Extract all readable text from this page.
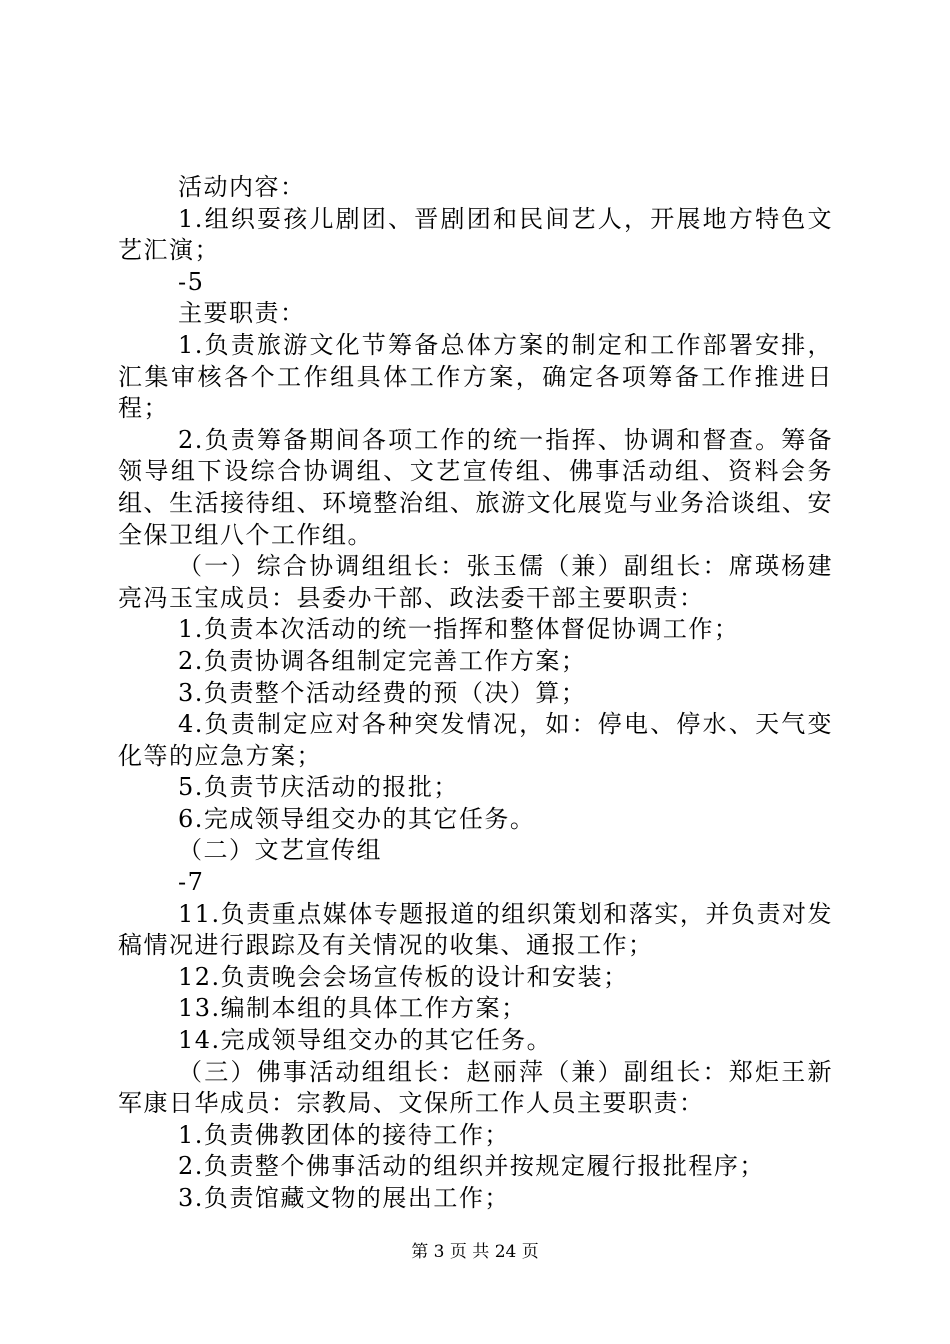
活动内容：

1.组织耍孩儿剧团、晋剧团和民间艺人，开展地方特色文艺汇演；

-5

主要职责：

1.负责旅游文化节筹备总体方案的制定和工作部署安排，汇集审核各个工作组具体工作方案，确定各项筹备工作推进日程；

2.负责筹备期间各项工作的统一指挥、协调和督查。筹备领导组下设综合协调组、文艺宣传组、佛事活动组、资料会务组、生活接待组、环境整治组、旅游文化展览与业务洽谈组、安全保卫组八个工作组。

（一）综合协调组组长：张玉儒（兼）副组长：席瑛杨建亮冯玉宝成员：县委办干部、政法委干部主要职责：

1.负责本次活动的统一指挥和整体督促协调工作；

2.负责协调各组制定完善工作方案；

3.负责整个活动经费的预（决）算；

4.负责制定应对各种突发情况，如：停电、停水、天气变化等的应急方案；

5.负责节庆活动的报批；

6.完成领导组交办的其它任务。

（二）文艺宣传组

-7

11.负责重点媒体专题报道的组织策划和落实，并负责对发稿情况进行跟踪及有关情况的收集、通报工作；

12.负责晚会会场宣传板的设计和安装；

13.编制本组的具体工作方案；

14.完成领导组交办的其它任务。

（三）佛事活动组组长：赵丽萍（兼）副组长：郑炬王新军康日华成员：宗教局、文保所工作人员主要职责：

1.负责佛教团体的接待工作；

2.负责整个佛事活动的组织并按规定履行报批程序；

3.负责馆藏文物的展出工作；

第 3 页 共 24 页
